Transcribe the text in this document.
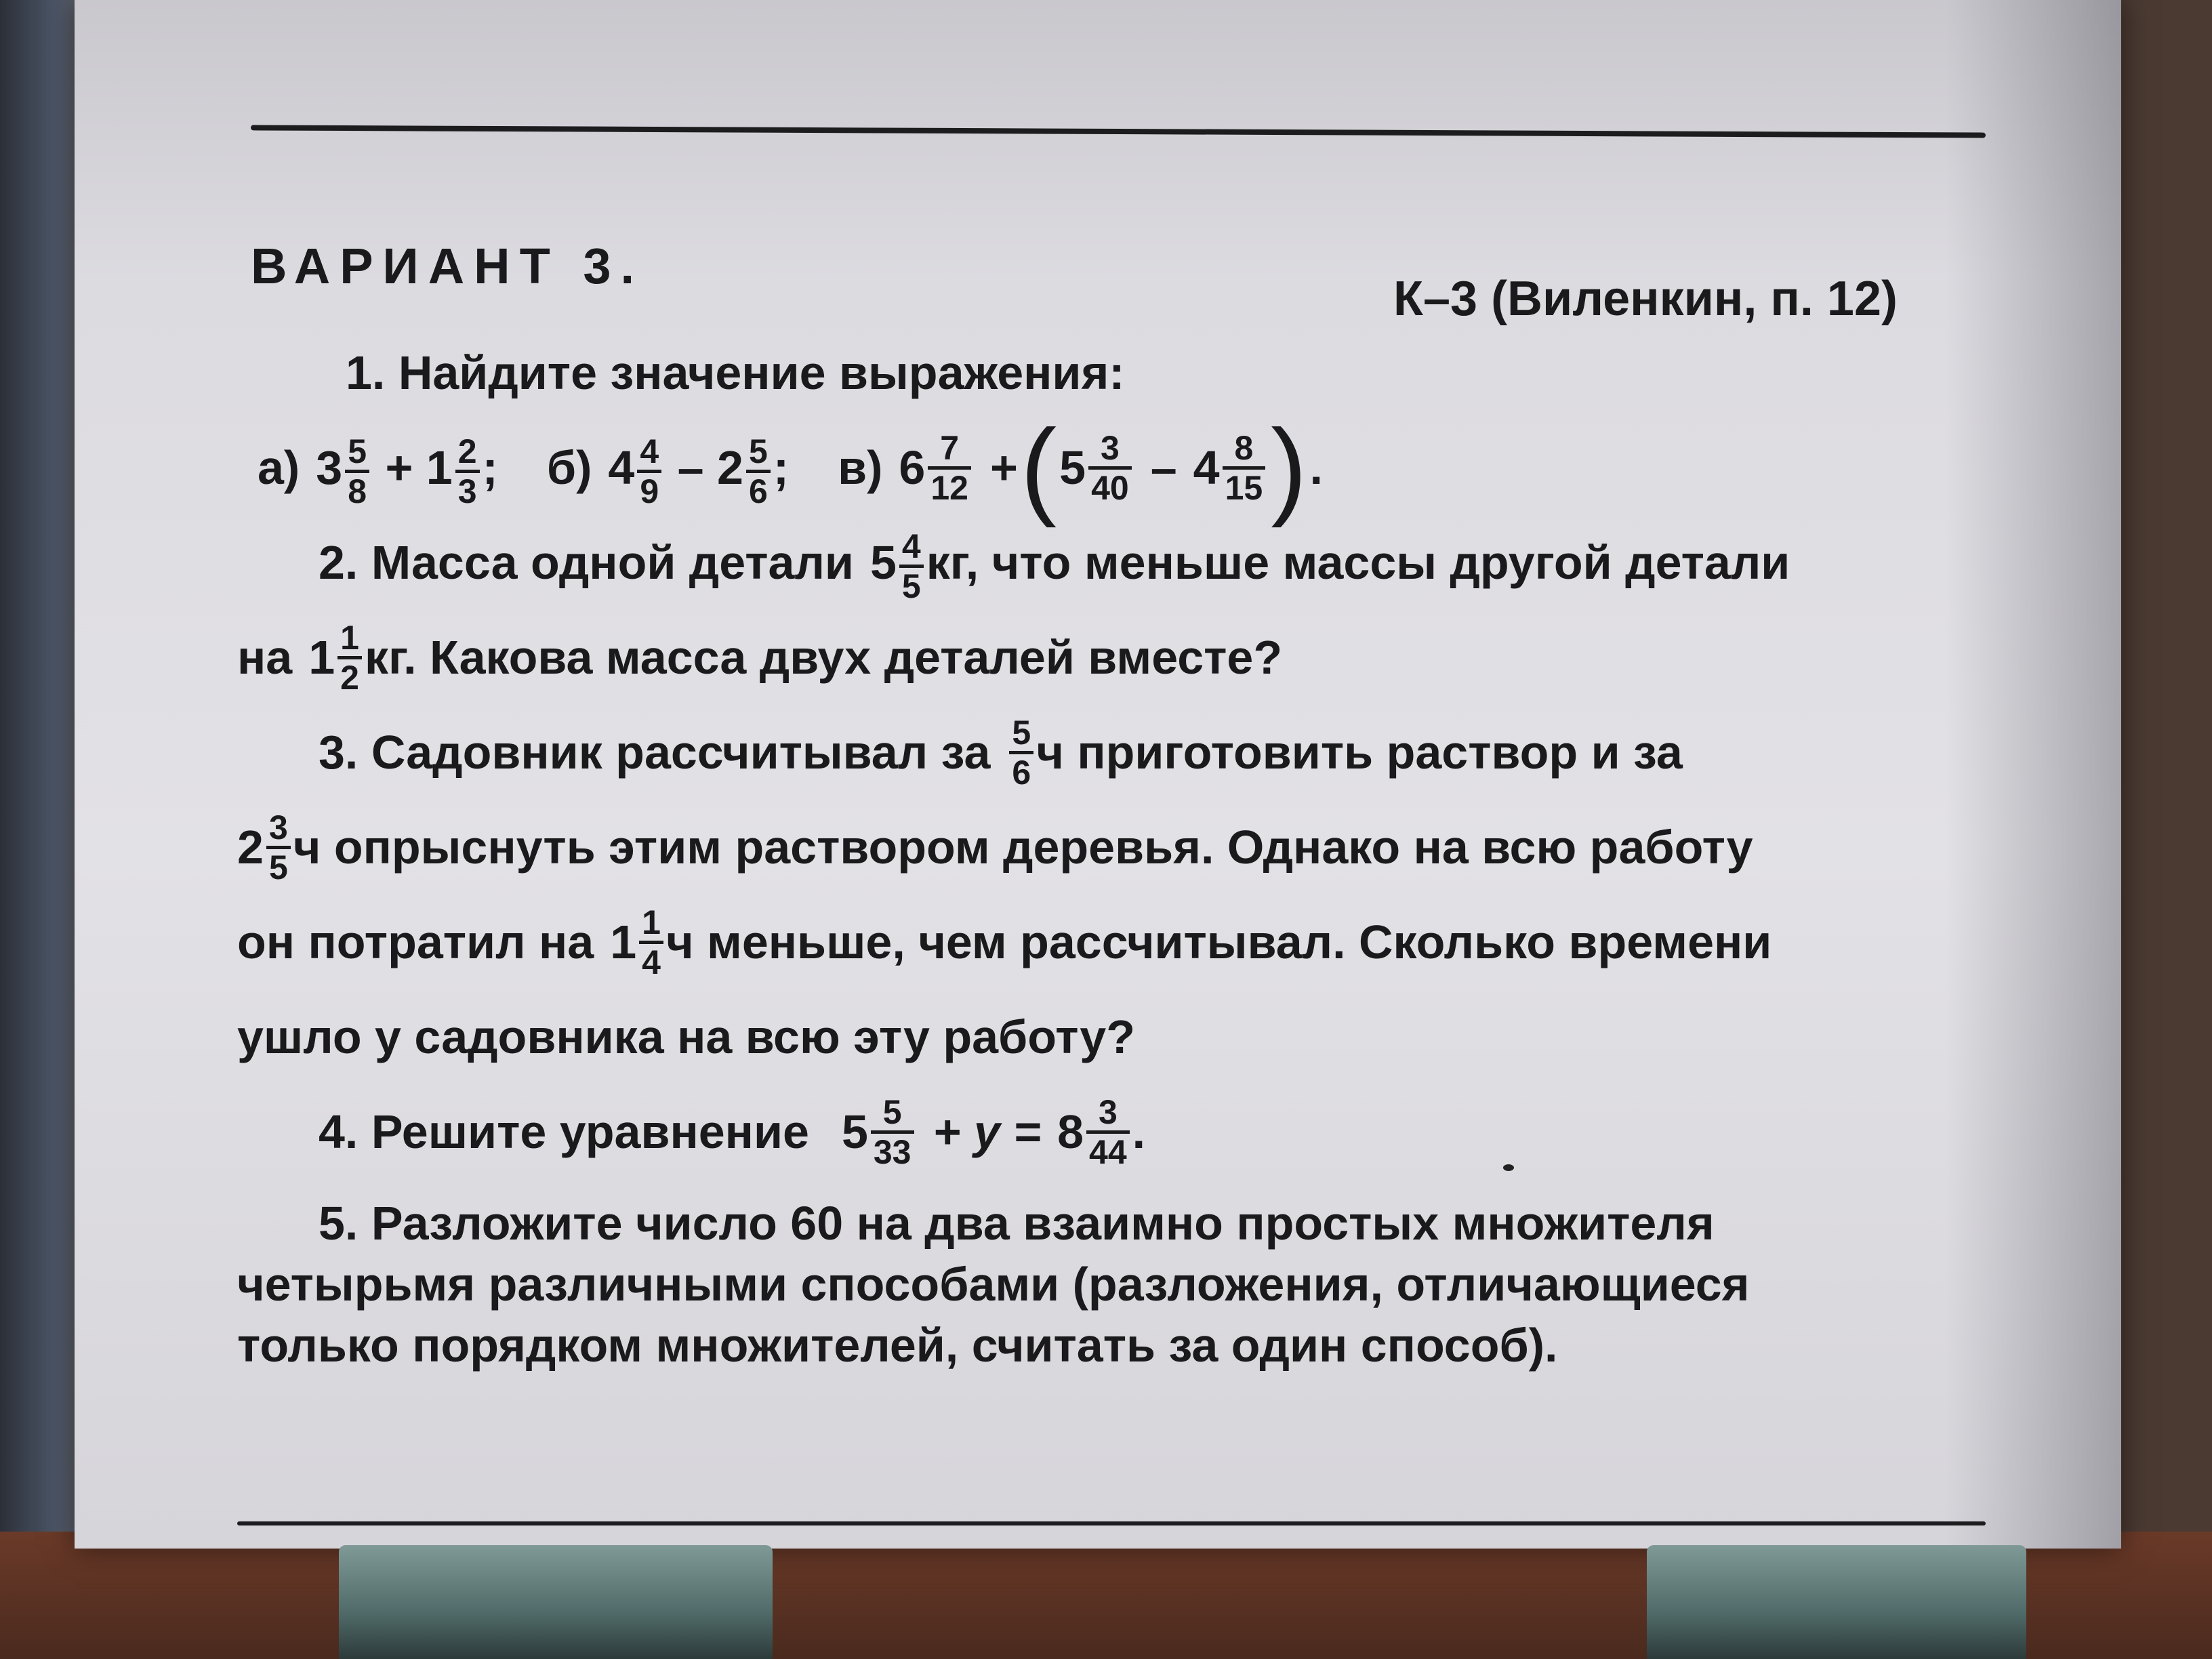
ВАРИАНТ 3.
К–3 (Виленкин, п. 12)
1. Найдите значение выражения:
а) $3 \frac{5}{8} + 1 \frac{2}{3}$ ; б) $4 \frac{4}{9} - 2 \frac{5}{6}$ ; в) $6 \frac{7}{12}$ + ( $5 \frac{3}{40} - 4 \frac{8}{15}$ ) .
2. Масса одной детали $5 \frac{4}{5}$ кг, что меньше массы другой детали
на $1 \frac{1}{2}$ кг. Какова масса двух деталей вместе?
3. Садовник рассчитывал за $\frac{5}{6}$ ч приготовить раствор и за
$2 \frac{3}{5}$ ч опрыснуть этим раствором деревья. Однако на всю работу
он потратил на $1 \frac{1}{4}$ ч меньше, чем рассчитывал. Сколько времени
ушло у садовника на всю эту работу?
4. Решите уравнение $5 \frac{5}{33} + y = 8 \frac{3}{44}$ .
5. Разложите число 60 на два взаимно простых множителя
четырьмя различными способами (разложения, отличающиеся
только порядком множителей, считать за один способ).
